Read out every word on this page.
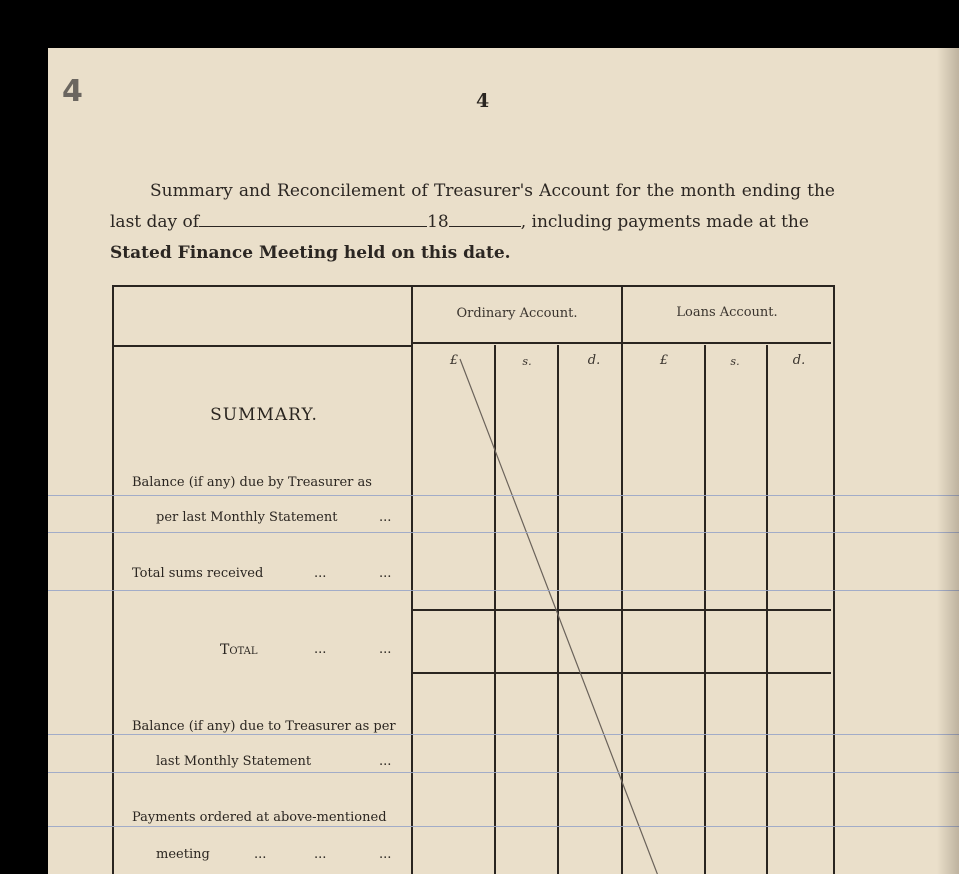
4	4
Summary and Reconcilement of Treasurer's Account for the month ending the
last day of	18	, including payments made at the
Stated Finance Meeting held on this date.
Ordinary Account.	Loans Account.
£	s.	d.	£	s.	d.
SUMMARY.
Balance (if any) due by Treasurer as
per last Monthly Statement	...
Total sums received	...	...
Total	...	...
Balance (if any) due to Treasurer as per
last Monthly Statement	...
Payments ordered at above-mentioned
meeting	...	...	...
